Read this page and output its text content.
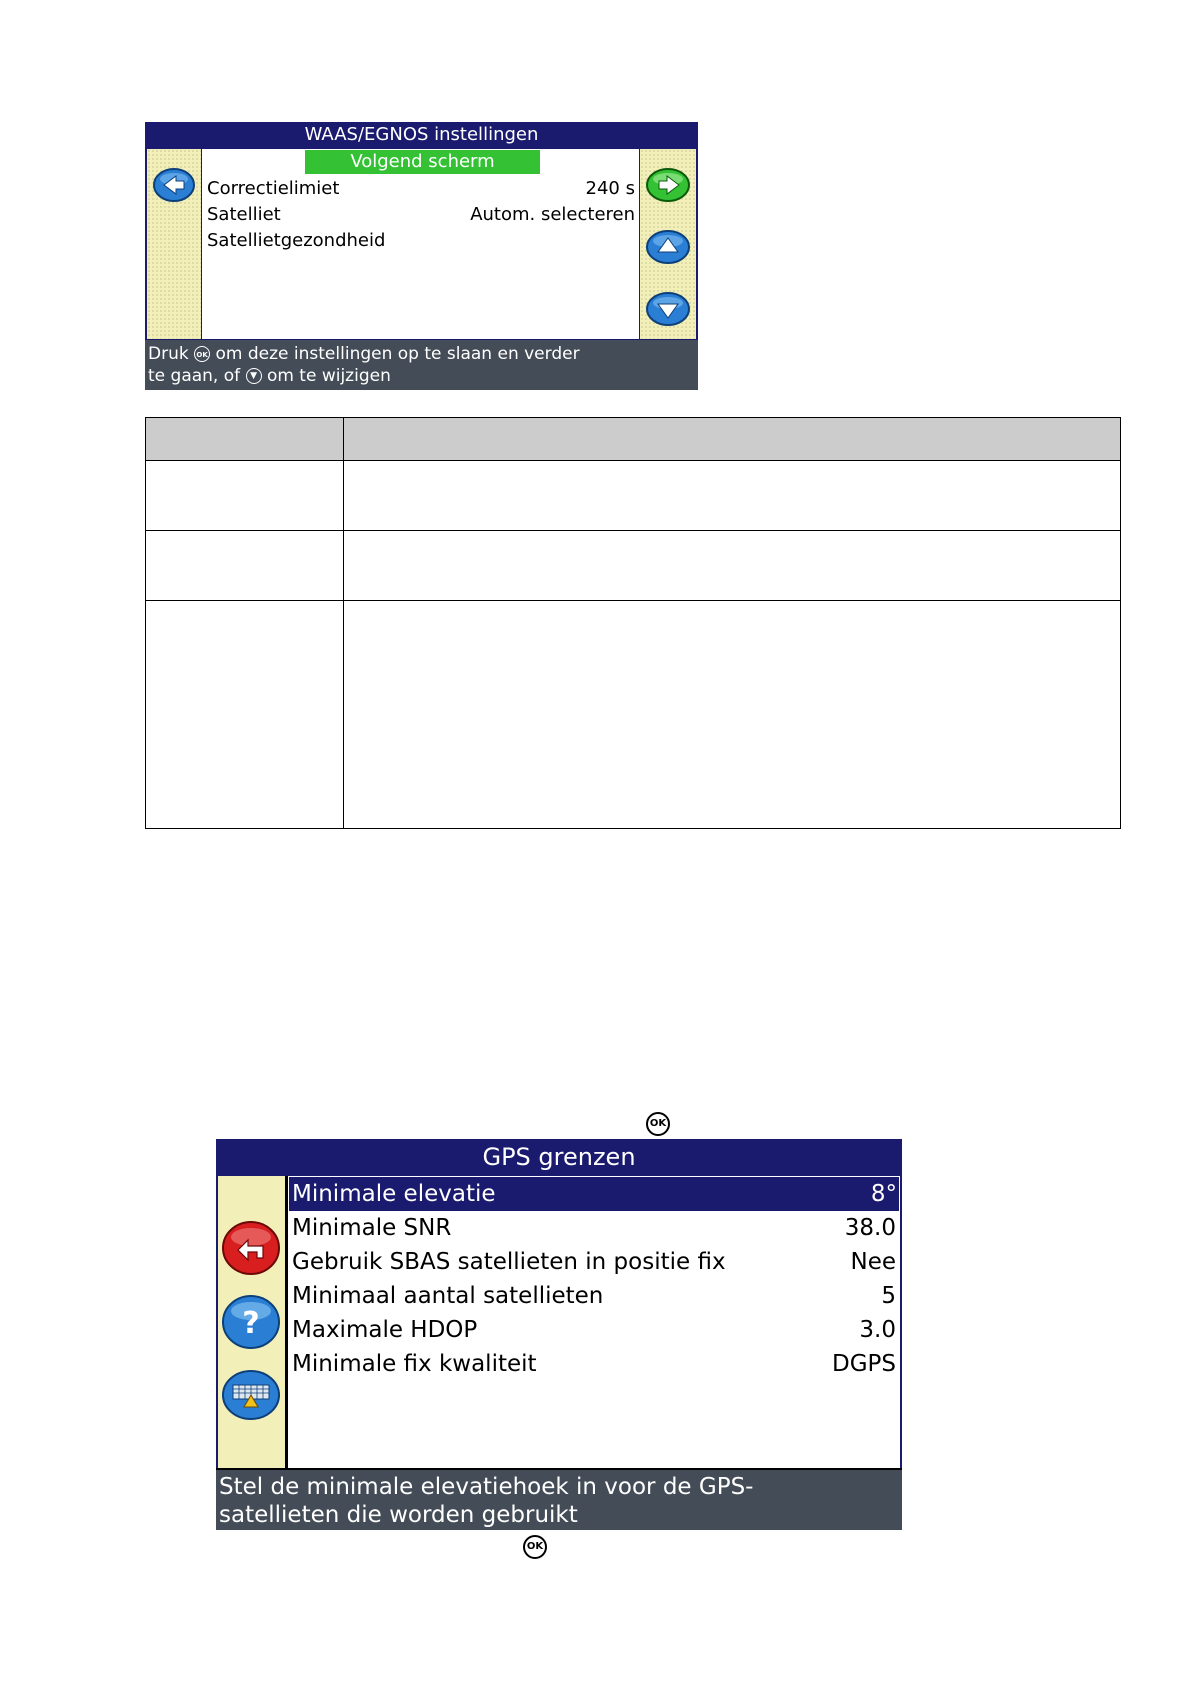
WAAS/EGNOS instellingen
Volgend scherm
Correctielimiet	240 s
Satelliet	Autom. selecteren
Satellietgezondheid
Druk OK om deze instellingen op te slaan en verder
te gaan, of ▼ om te wijzigen

OK
GPS grenzen
?
Minimale elevatie	8°
Minimale SNR	38.0
Gebruik SBAS satellieten in positie fix	Nee
Minimaal aantal satellieten	5
Maximale HDOP	3.0
Minimale fix kwaliteit	DGPS
Stel de minimale elevatiehoek in voor de GPS-
satellieten die worden gebruikt
OK
